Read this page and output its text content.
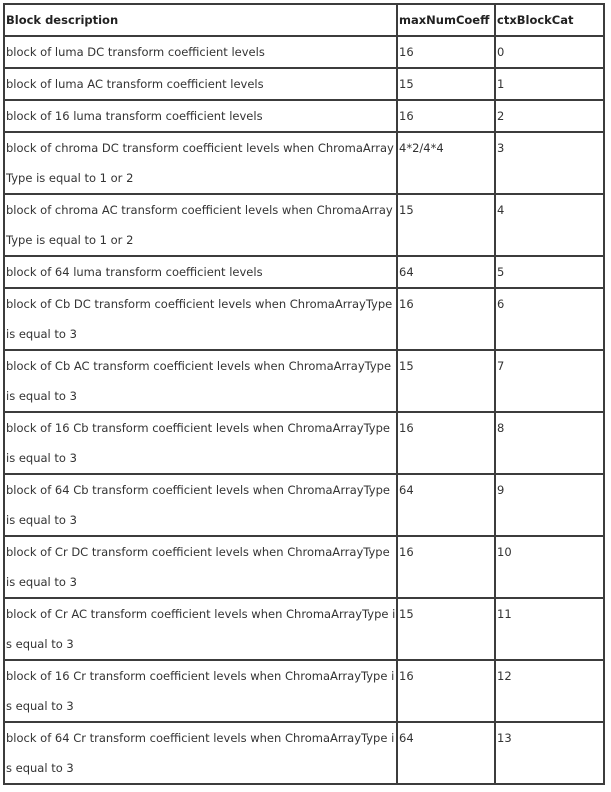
Block description	maxNumCoeff	ctxBlockCat
block of luma DC transform coefficient levels	16	0
block of luma AC transform coefficient levels	15	1
block of 16 luma transform coefficient levels	16	2
block of chroma DC transform coefficient levels when ChromaArrayType is equal to 1 or 2	4*2/4*4	3
block of chroma AC transform coefficient levels when ChromaArrayType is equal to 1 or 2	15	4
block of 64 luma transform coefficient levels	64	5
block of Cb DC transform coefficient levels when ChromaArrayType is equal to 3	16	6
block of Cb AC transform coefficient levels when ChromaArrayType is equal to 3	15	7
block of 16 Cb transform coefficient levels when ChromaArrayType is equal to 3	16	8
block of 64 Cb transform coefficient levels when ChromaArrayType is equal to 3	64	9
block of Cr DC transform coefficient levels when ChromaArrayType is equal to 3	16	10
block of Cr AC transform coefficient levels when ChromaArrayType is equal to 3	15	11
block of 16 Cr transform coefficient levels when ChromaArrayType is equal to 3	16	12
block of 64 Cr transform coefficient levels when ChromaArrayType is equal to 3	64	13
